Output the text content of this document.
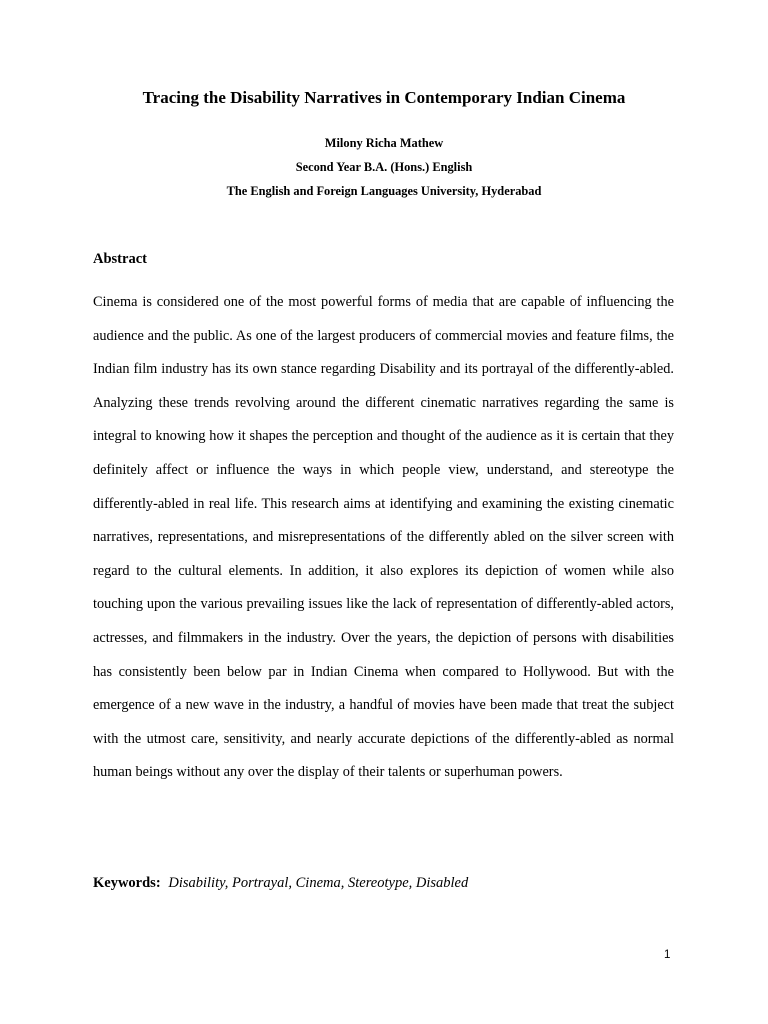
Tracing the Disability Narratives in Contemporary Indian Cinema
Milony Richa Mathew
Second Year B.A. (Hons.) English
The English and Foreign Languages University, Hyderabad
Abstract

Cinema is considered one of the most powerful forms of media that are capable of influencing the audience and the public. As one of the largest producers of commercial movies and feature films, the Indian film industry has its own stance regarding Disability and its portrayal of the differently-abled. Analyzing these trends revolving around the different cinematic narratives regarding the same is integral to knowing how it shapes the perception and thought of the audience as it is certain that they definitely affect or influence the ways in which people view, understand, and stereotype the differently-abled in real life. This research aims at identifying and examining the existing cinematic narratives, representations, and misrepresentations of the differently abled on the silver screen with regard to the cultural elements. In addition, it also explores its depiction of women while also touching upon the various prevailing issues like the lack of representation of differently-abled actors, actresses, and filmmakers in the industry. Over the years, the depiction of persons with disabilities has consistently been below par in Indian Cinema when compared to Hollywood. But with the emergence of a new wave in the industry, a handful of movies have been made that treat the subject with the utmost care, sensitivity, and nearly accurate depictions of the differently-abled as normal human beings without any over the display of their talents or superhuman powers.

Keywords: Disability, Portrayal, Cinema, Stereotype, Disabled
1
